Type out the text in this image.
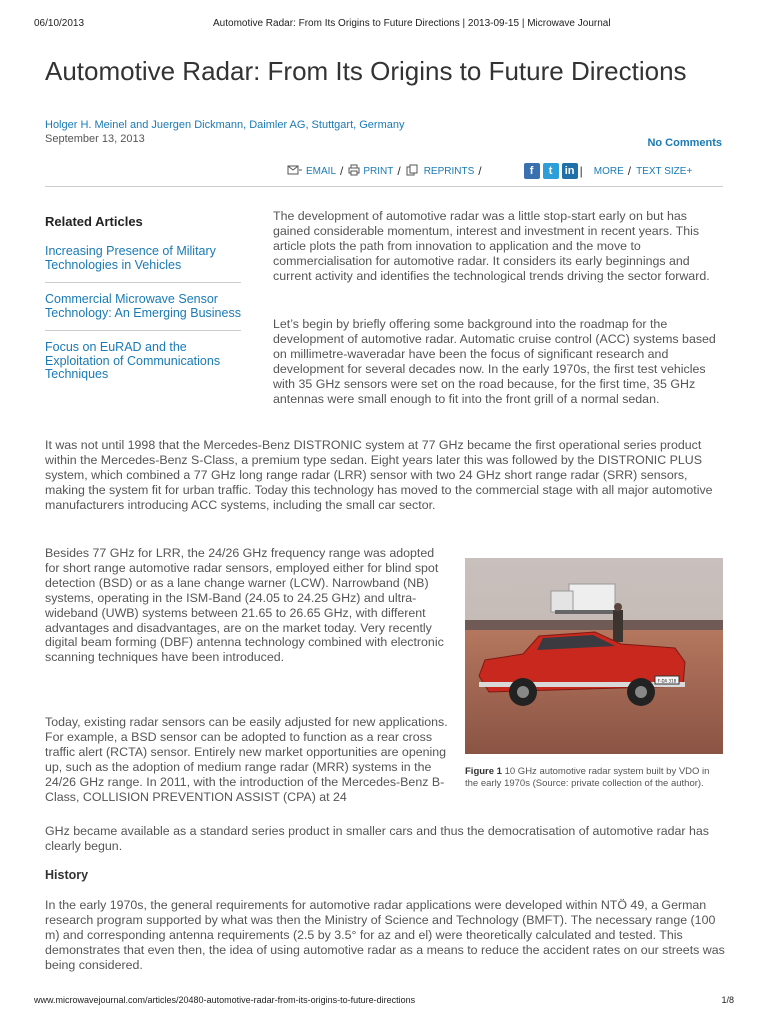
06/10/2013	Automotive Radar: From Its Origins to Future Directions | 2013-09-15 | Microwave Journal
Automotive Radar: From Its Origins to Future Directions
Holger H. Meinel and Juergen Dickmann, Daimler AG, Stuttgart, Germany
September 13, 2013	No Comments
EMAIL / PRINT / REPRINTS /	f	t	in | MORE / TEXT SIZE+
Related Articles
Increasing Presence of Military Technologies in Vehicles
Commercial Microwave Sensor Technology: An Emerging Business
Focus on EuRAD and the Exploitation of Communications Techniques

The development of automotive radar was a little stop-start early on but has gained considerable momentum, interest and investment in recent years. This article plots the path from innovation to application and the move to commercialisation for automotive radar. It considers its early beginnings and current activity and identifies the technological trends driving the sector forward.

Let’s begin by briefly offering some background into the roadmap for the development of automotive radar. Automatic cruise control (ACC) systems based on millimetre-waveradar have been the focus of significant research and development for several decades now. In the early 1970s, the first test vehicles with 35 GHz sensors were set on the road because, for the first time, 35 GHz antennas were small enough to fit into the front grill of a normal sedan.

It was not until 1998 that the Mercedes-Benz DISTRONIC system at 77 GHz became the first operational series product within the Mercedes-Benz S-Class, a premium type sedan. Eight years later this was followed by the DISTRONIC PLUS system, which combined a 77 GHz long range radar (LRR) sensor with two 24 GHz short range radar (SRR) sensors, making the system fit for urban traffic. Today this technology has moved to the commercial stage with all major automotive manufacturers introducing ACC systems, including the small car sector.

Besides 77 GHz for LRR, the 24/26 GHz frequency range was adopted for short range automotive radar sensors, employed either for blind spot detection (BSD) or as a lane change warner (LCW). Narrowband (NB) systems, operating in the ISM-Band (24.05 to 24.25 GHz) and ultra-wideband (UWB) systems between 21.65 to 26.65 GHz, with different advantages and disadvantages, are on the market today. Very recently digital beam forming (DBF) antenna technology combined with electronic scanning techniques have been introduced.

Today, existing radar sensors can be easily adjusted for new applications. For example, a BSD sensor can be adopted to function as a rear cross traffic alert (RCTA) sensor. Entirely new market opportunities are opening up, such as the adoption of medium range radar (MRR) systems in the 24/26 GHz range. In 2011, with the introduction of the Mercedes-Benz B-Class, COLLISION PREVENTION ASSIST (CPA) at 24

GHz became available as a standard series product in smaller cars and thus the democratisation of automotive radar has clearly begun.

History

In the early 1970s, the general requirements for automotive radar applications were developed within NTÖ 49, a German research program supported by what was then the Ministry of Science and Technology (BMFT). The necessary range (100 m) and corresponding antenna requirements (2.5 by 3.5° for az and el) were theoretically calculated and tested. This demonstrates that even then, the idea of using automotive radar as a means to reduce the accident rates on our streets was being considered.

F-DA 318
Figure 1 10 GHz automotive radar system built by VDO in the early 1970s (Source: private collection of the author).
www.microwavejournal.com/articles/20480-automotive-radar-from-its-origins-to-future-directions	1/8
